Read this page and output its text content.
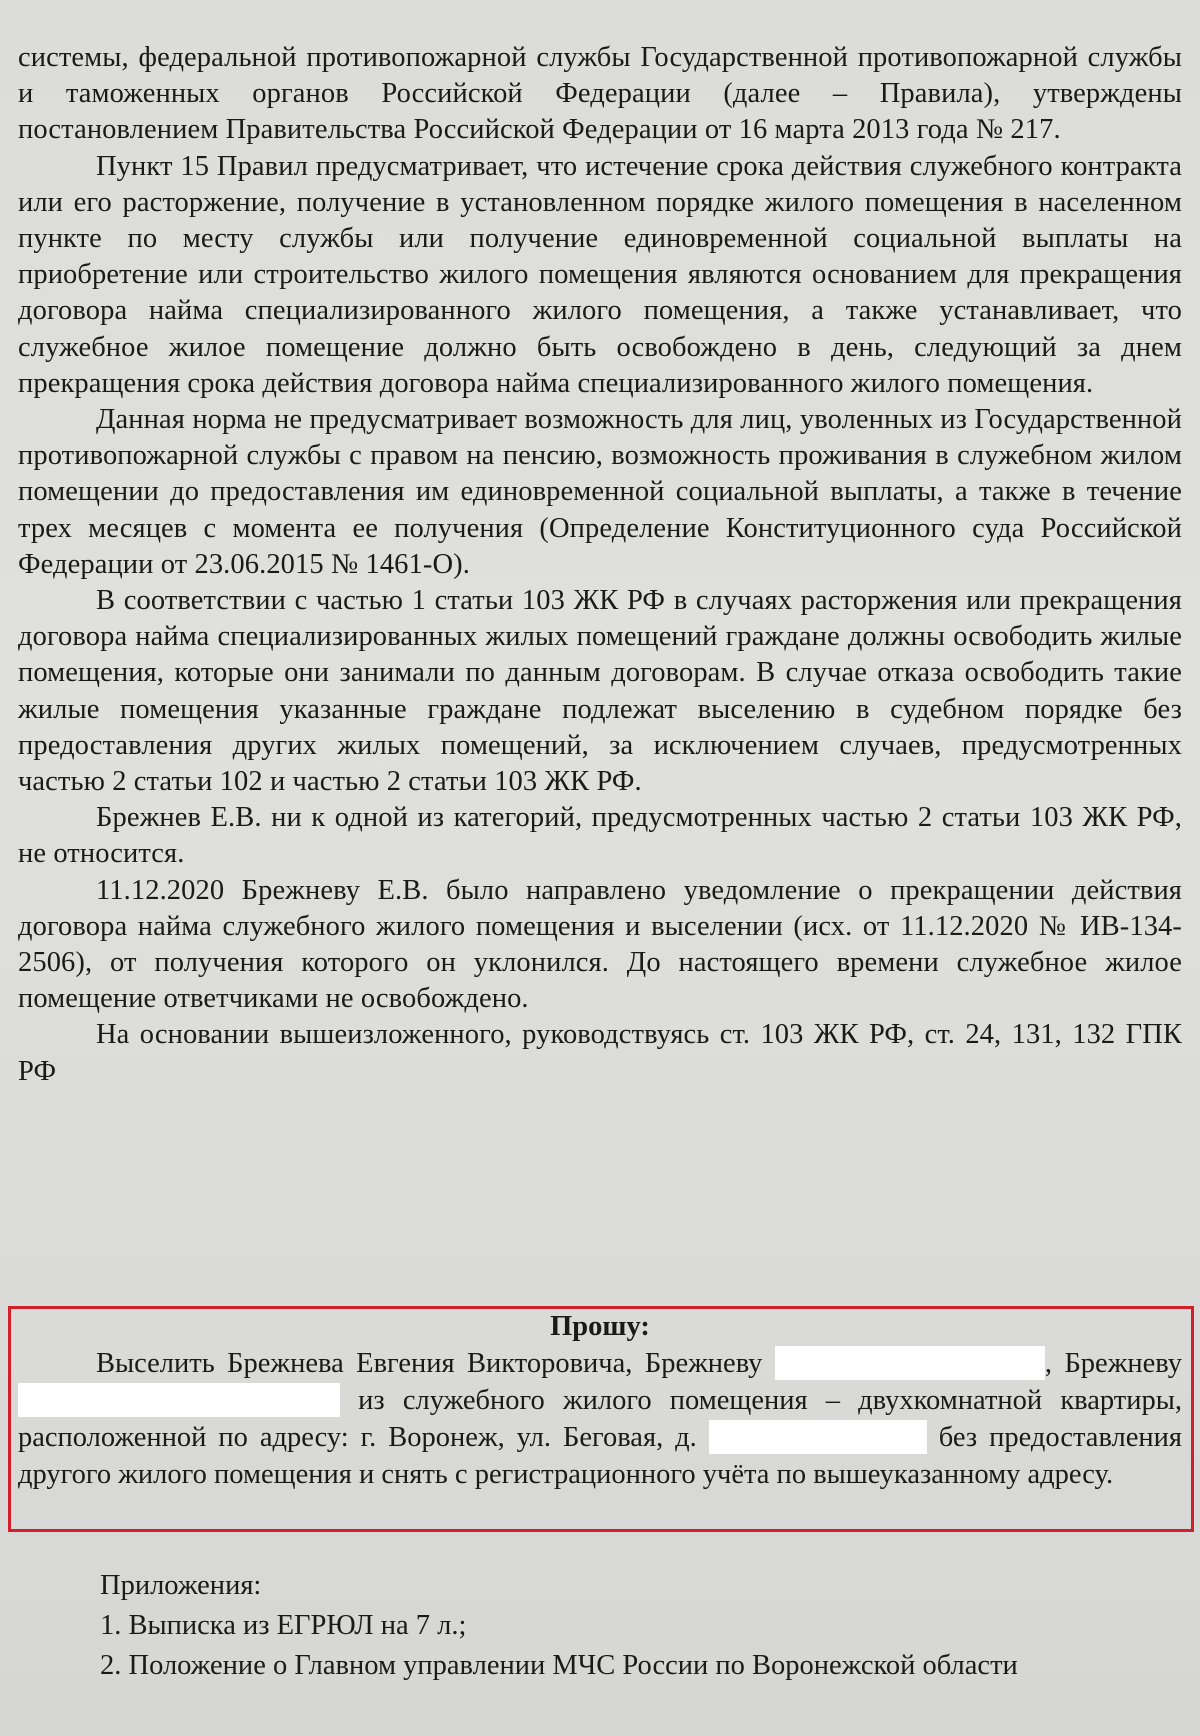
системы, федеральной противопожарной службы Государственной противопожарной службы и таможенных органов Российской Федерации (далее – Правила), утверждены постановлением Правительства Российской Федерации от 16 марта 2013 года № 217.

Пункт 15 Правил предусматривает, что истечение срока действия служебного контракта или его расторжение, получение в установленном порядке жилого помещения в населенном пункте по месту службы или получение единовременной социальной выплаты на приобретение или строительство жилого помещения являются основанием для прекращения договора найма специализированного жилого помещения, а также устанавливает, что служебное жилое помещение должно быть освобождено в день, следующий за днем прекращения срока действия договора найма специализированного жилого помещения.

Данная норма не предусматривает возможность для лиц, уволенных из Государственной противопожарной службы с правом на пенсию, возможность проживания в служебном жилом помещении до предоставления им единовременной социальной выплаты, а также в течение трех месяцев с момента ее получения (Определение Конституционного суда Российской Федерации от 23.06.2015 № 1461-О).

В соответствии с частью 1 статьи 103 ЖК РФ в случаях расторжения или прекращения договора найма специализированных жилых помещений граждане должны освободить жилые помещения, которые они занимали по данным договорам. В случае отказа освободить такие жилые помещения указанные граждане подлежат выселению в судебном порядке без предоставления других жилых помещений, за исключением случаев, предусмотренных частью 2 статьи 102 и частью 2 статьи 103 ЖК РФ.

Брежнев Е.В. ни к одной из категорий, предусмотренных частью 2 статьи 103 ЖК РФ, не относится.

11.12.2020 Брежневу Е.В. было направлено уведомление о прекращении действия договора найма служебного жилого помещения и выселении (исх. от 11.12.2020 № ИВ-134-2506), от получения которого он уклонился. До настоящего времени служебное жилое помещение ответчиками не освобождено.

На основании вышеизложенного, руководствуясь ст. 103 ЖК РФ, ст. 24, 131, 132 ГПК РФ

Прошу:

Выселить Брежнева Евгения Викторовича, Брежневу	, Брежневу  из служебного жилого помещения – двухкомнатной квартиры, расположенной по адресу: г. Воронеж, ул. Беговая, д.	без предоставления другого жилого помещения и снять с регистрационного учёта по вышеуказанному адресу.

Приложения:

1. Выписка из ЕГРЮЛ на 7 л.;

2. Положение о Главном управлении МЧС России по Воронежской области
